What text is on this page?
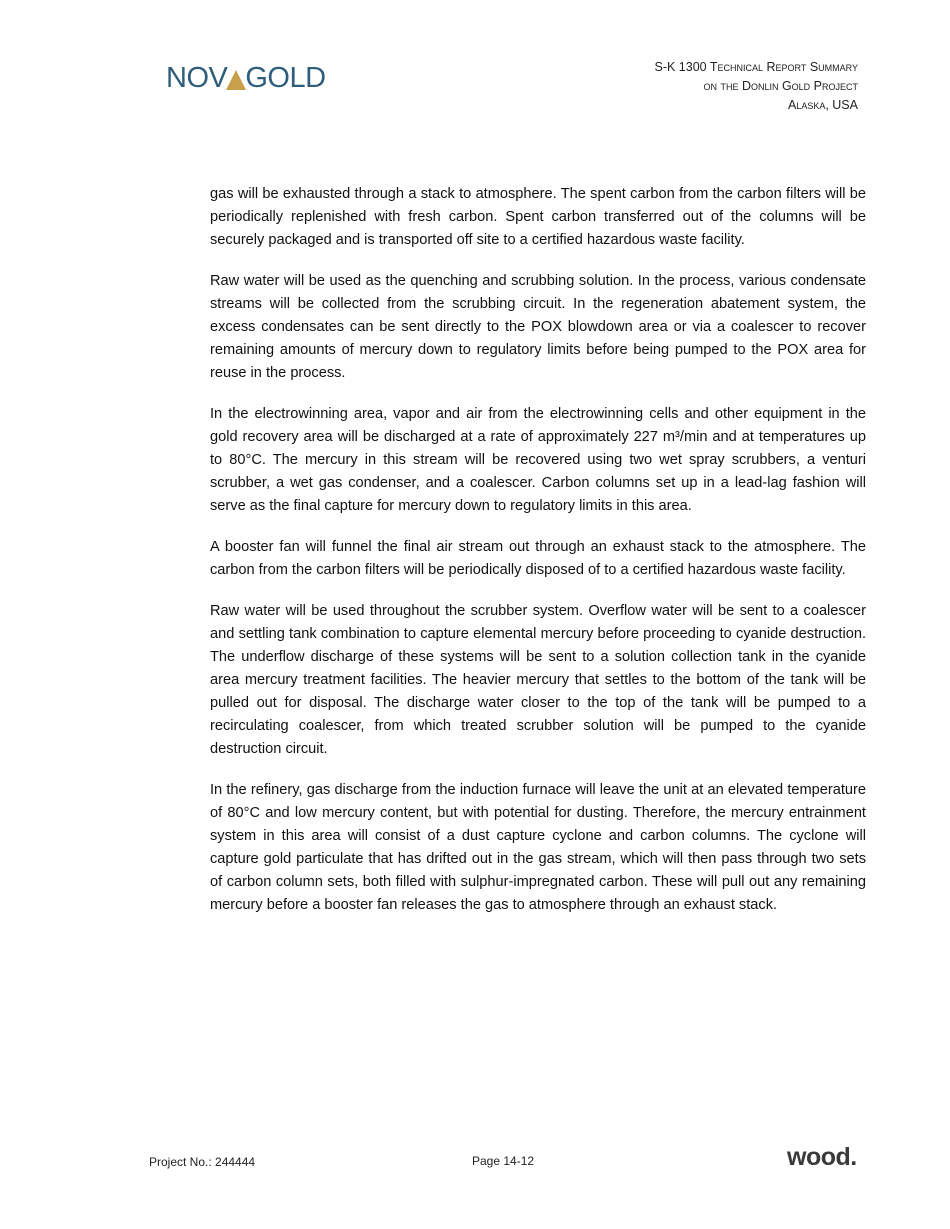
NOV GOLD	S-K 1300 Technical Report Summary
on the Donlin Gold Project
Alaska, USA

gas will be exhausted through a stack to atmosphere. The spent carbon from the carbon filters will be periodically replenished with fresh carbon. Spent carbon transferred out of the columns will be securely packaged and is transported off site to a certified hazardous waste facility.

Raw water will be used as the quenching and scrubbing solution. In the process, various condensate streams will be collected from the scrubbing circuit. In the regeneration abatement system, the excess condensates can be sent directly to the POX blowdown area or via a coalescer to recover remaining amounts of mercury down to regulatory limits before being pumped to the POX area for reuse in the process.

In the electrowinning area, vapor and air from the electrowinning cells and other equipment in the gold recovery area will be discharged at a rate of approximately 227 m³/min and at temperatures up to 80°C. The mercury in this stream will be recovered using two wet spray scrubbers, a venturi scrubber, a wet gas condenser, and a coalescer. Carbon columns set up in a lead-lag fashion will serve as the final capture for mercury down to regulatory limits in this area.

A booster fan will funnel the final air stream out through an exhaust stack to the atmosphere. The carbon from the carbon filters will be periodically disposed of to a certified hazardous waste facility.

Raw water will be used throughout the scrubber system. Overflow water will be sent to a coalescer and settling tank combination to capture elemental mercury before proceeding to cyanide destruction. The underflow discharge of these systems will be sent to a solution collection tank in the cyanide area mercury treatment facilities. The heavier mercury that settles to the bottom of the tank will be pulled out for disposal. The discharge water closer to the top of the tank will be pumped to a recirculating coalescer, from which treated scrubber solution will be pumped to the cyanide destruction circuit.

In the refinery, gas discharge from the induction furnace will leave the unit at an elevated temperature of 80°C and low mercury content, but with potential for dusting. Therefore, the mercury entrainment system in this area will consist of a dust capture cyclone and carbon columns. The cyclone will capture gold particulate that has drifted out in the gas stream, which will then pass through two sets of carbon column sets, both filled with sulphur-impregnated carbon. These will pull out any remaining mercury before a booster fan releases the gas to atmosphere through an exhaust stack.

Project No.: 244444	Page 14-12	wood.
